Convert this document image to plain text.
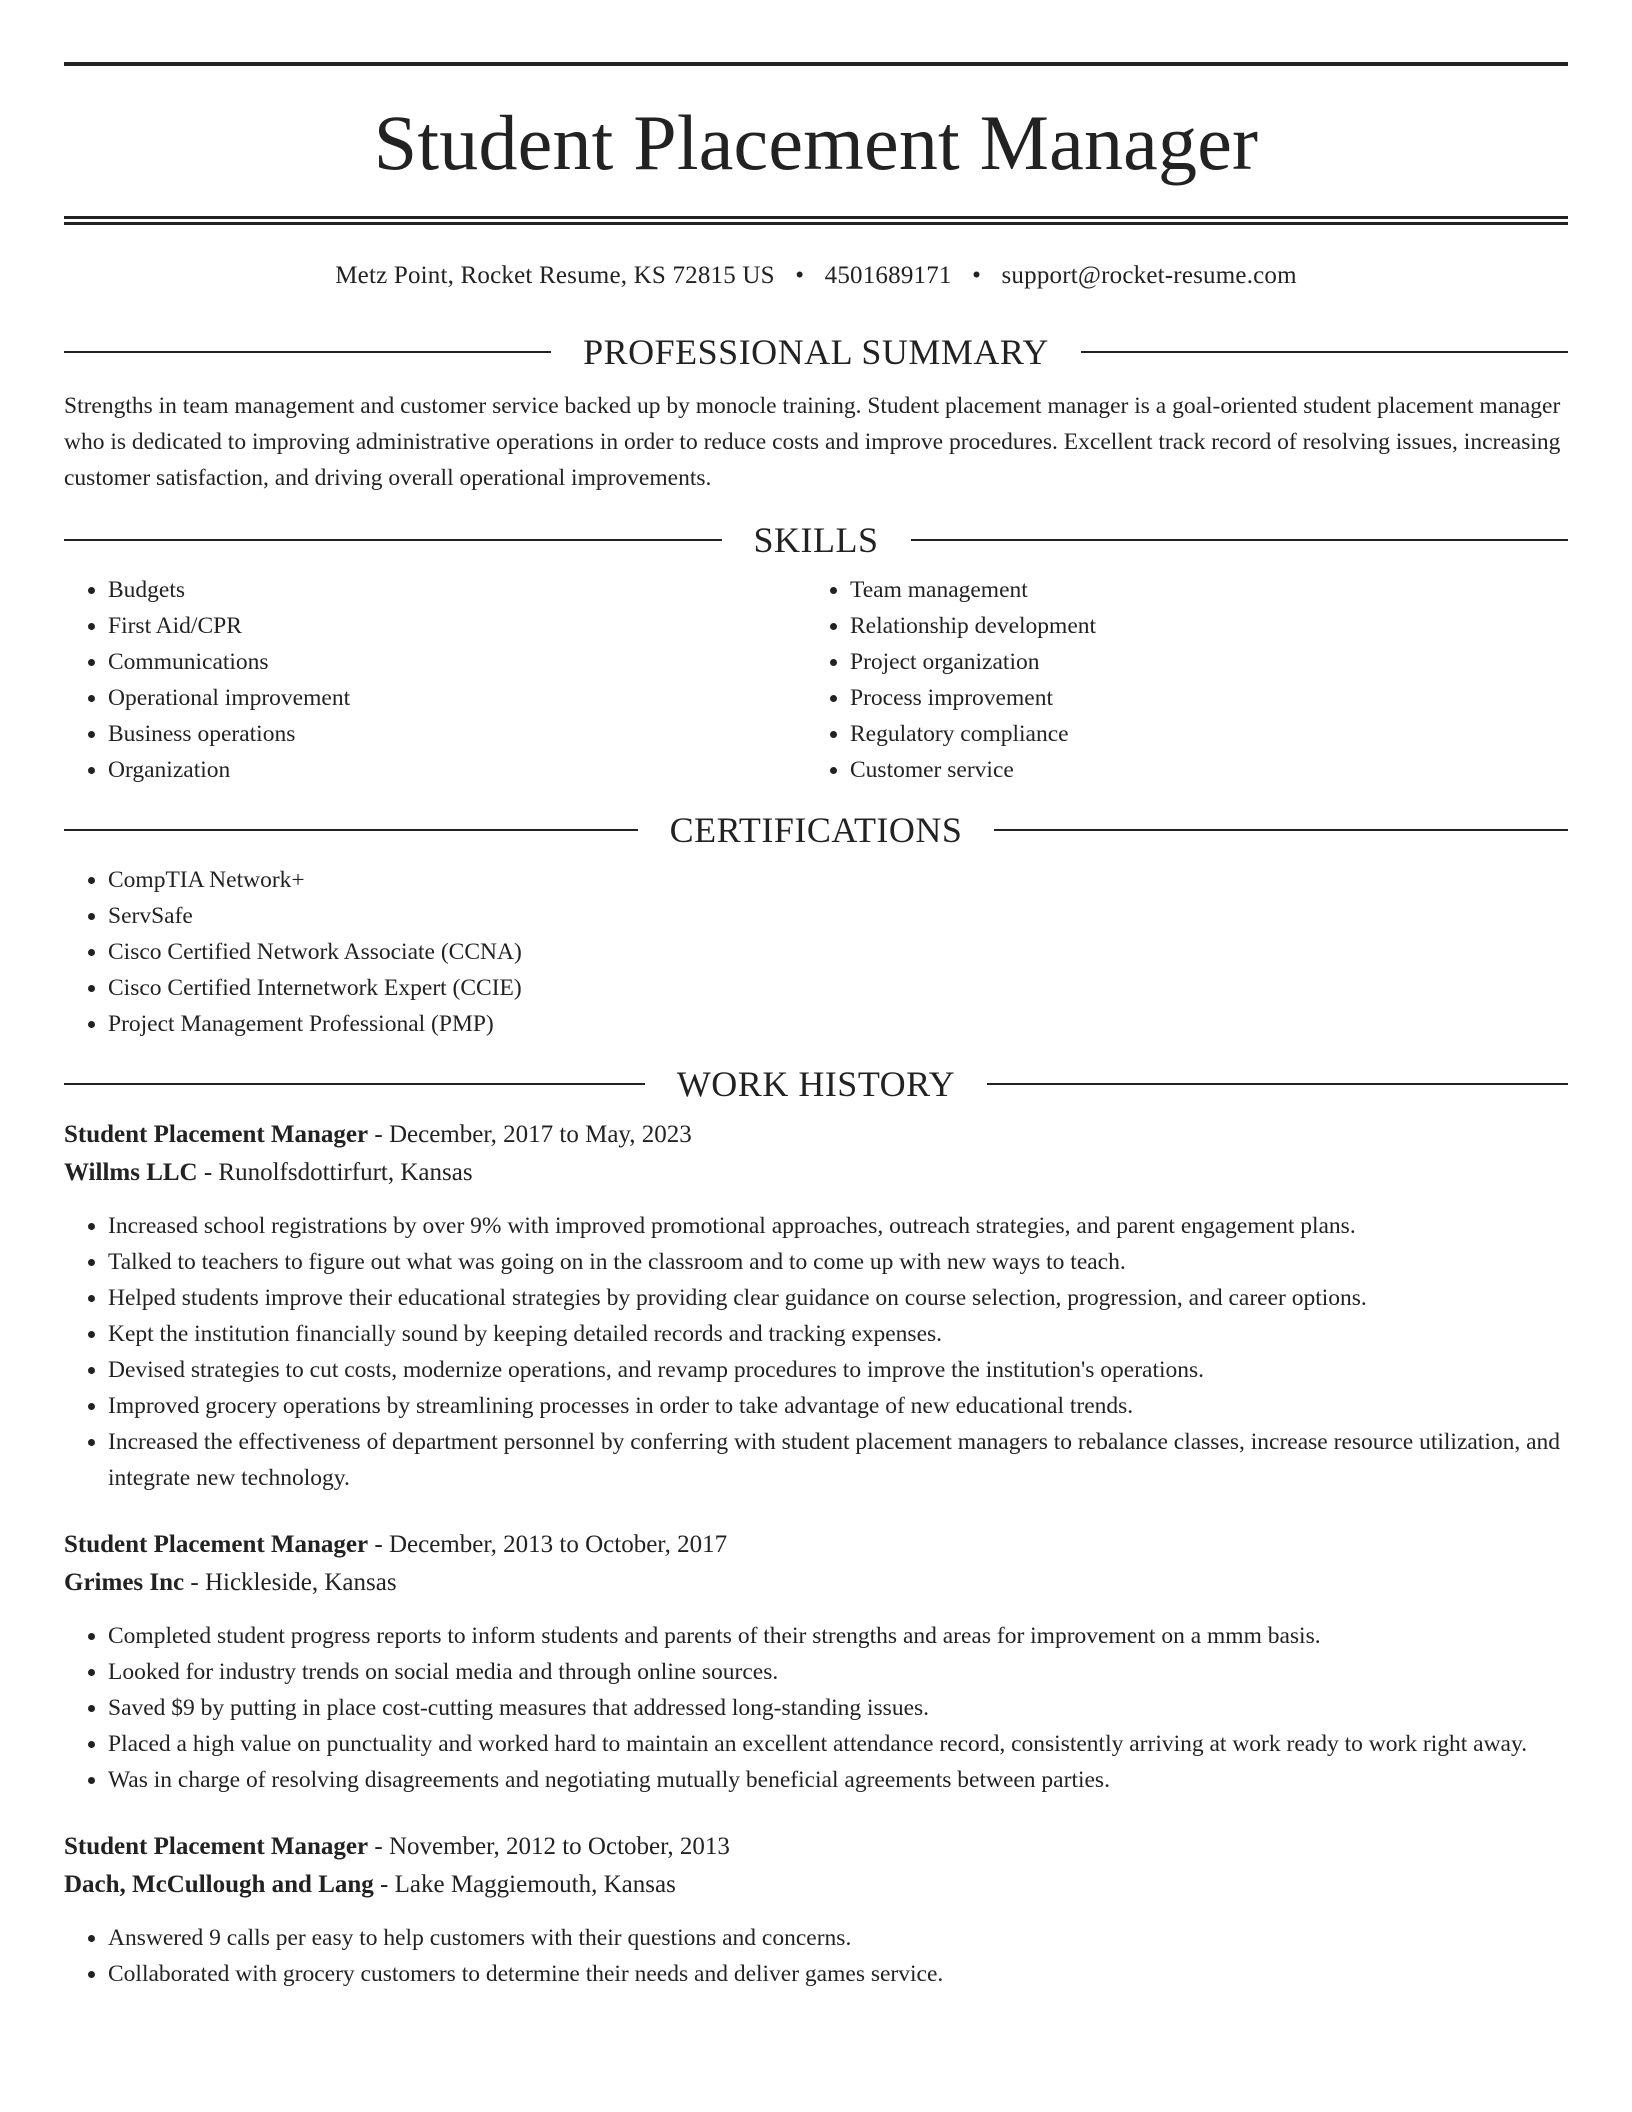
Student Placement Manager
Metz Point, Rocket Resume, KS 72815 US • 4501689171 • support@rocket-resume.com
PROFESSIONAL SUMMARY
Strengths in team management and customer service backed up by monocle training. Student placement manager is a goal-oriented student placement manager who is dedicated to improving administrative operations in order to reduce costs and improve procedures. Excellent track record of resolving issues, increasing customer satisfaction, and driving overall operational improvements.
SKILLS
• Budgets
• First Aid/CPR
• Communications
• Operational improvement
• Business operations
• Organization
• Team management
• Relationship development
• Project organization
• Process improvement
• Regulatory compliance
• Customer service
CERTIFICATIONS
• CompTIA Network+
• ServSafe
• Cisco Certified Network Associate (CCNA)
• Cisco Certified Internetwork Expert (CCIE)
• Project Management Professional (PMP)
WORK HISTORY
Student Placement Manager - December, 2017 to May, 2023
Willms LLC - Runolfsdottirfurt, Kansas
• Increased school registrations by over 9% with improved promotional approaches, outreach strategies, and parent engagement plans.
• Talked to teachers to figure out what was going on in the classroom and to come up with new ways to teach.
• Helped students improve their educational strategies by providing clear guidance on course selection, progression, and career options.
• Kept the institution financially sound by keeping detailed records and tracking expenses.
• Devised strategies to cut costs, modernize operations, and revamp procedures to improve the institution's operations.
• Improved grocery operations by streamlining processes in order to take advantage of new educational trends.
• Increased the effectiveness of department personnel by conferring with student placement managers to rebalance classes, increase resource utilization, and integrate new technology.
Student Placement Manager - December, 2013 to October, 2017
Grimes Inc - Hickleside, Kansas
• Completed student progress reports to inform students and parents of their strengths and areas for improvement on a mmm basis.
• Looked for industry trends on social media and through online sources.
• Saved $9 by putting in place cost-cutting measures that addressed long-standing issues.
• Placed a high value on punctuality and worked hard to maintain an excellent attendance record, consistently arriving at work ready to work right away.
• Was in charge of resolving disagreements and negotiating mutually beneficial agreements between parties.
Student Placement Manager - November, 2012 to October, 2013
Dach, McCullough and Lang - Lake Maggiemouth, Kansas
• Answered 9 calls per easy to help customers with their questions and concerns.
• Collaborated with grocery customers to determine their needs and deliver games service.
